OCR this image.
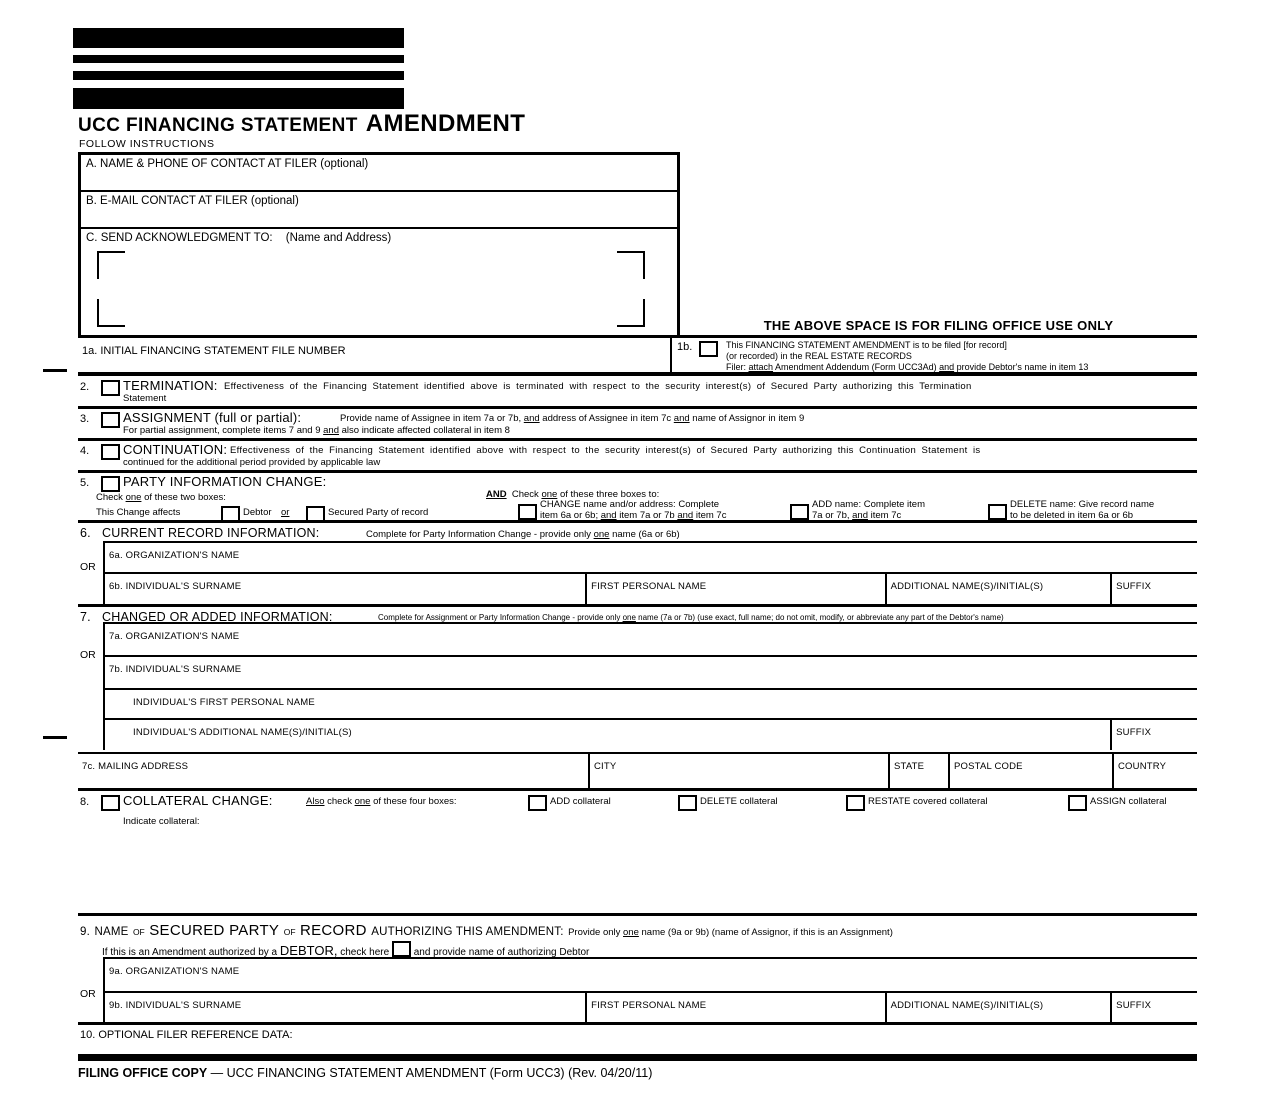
UCC FINANCING STATEMENT AMENDMENT
FOLLOW INSTRUCTIONS
A. NAME & PHONE OF CONTACT AT FILER (optional)
B. E-MAIL CONTACT AT FILER (optional)
C. SEND ACKNOWLEDGMENT TO: (Name and Address)
THE ABOVE SPACE IS FOR FILING OFFICE USE ONLY
1a. INITIAL FINANCING STATEMENT FILE NUMBER	1b.	This FINANCING STATEMENT AMENDMENT is to be filed [for record]
(or recorded) in the REAL ESTATE RECORDS
Filer: attach Amendment Addendum (Form UCC3Ad) and provide Debtor's name in item 13
2.	TERMINATION: Effectiveness of the Financing Statement identified above is terminated with respect to the security interest(s) of Secured Party authorizing this Termination
Statement
3.	ASSIGNMENT (full or partial):	Provide name of Assignee in item 7a or 7b, and address of Assignee in item 7c and name of Assignor in item 9
For partial assignment, complete items 7 and 9 and also indicate affected collateral in item 8
4.	CONTINUATION: Effectiveness of the Financing Statement identified above with respect to the security interest(s) of Secured Party authorizing this Continuation Statement is
continued for the additional period provided by applicable law
5.	PARTY INFORMATION CHANGE:
Check one of these two boxes:
This Change affects	Debtor or	Secured Party of record
AND Check one of these three boxes to:
CHANGE name and/or address: Complete
item 6a or 6b; and item 7a or 7b and item 7c
ADD name: Complete item
7a or 7b, and item 7c
DELETE name: Give record name
to be deleted in item 6a or 6b
6. CURRENT RECORD INFORMATION:	Complete for Party Information Change - provide only one name (6a or 6b)
OR
6a. ORGANIZATION'S NAME
6b. INDIVIDUAL'S SURNAME	FIRST PERSONAL NAME	ADDITIONAL NAME(S)/INITIAL(S)	SUFFIX
7. CHANGED OR ADDED INFORMATION:	Complete for Assignment or Party Information Change - provide only one name (7a or 7b) (use exact, full name; do not omit, modify, or abbreviate any part of the Debtor's name)
OR
7a. ORGANIZATION'S NAME
7b. INDIVIDUAL'S SURNAME
INDIVIDUAL'S FIRST PERSONAL NAME
INDIVIDUAL'S ADDITIONAL NAME(S)/INITIAL(S)	SUFFIX
7c. MAILING ADDRESS	CITY	STATE	POSTAL CODE	COUNTRY
8.	COLLATERAL CHANGE:	Also check one of these four boxes:	ADD collateral	DELETE collateral	RESTATE covered collateral	ASSIGN collateral
Indicate collateral:
9. NAME OF SECURED PARTY OF RECORD AUTHORIZING THIS AMENDMENT: Provide only one name (9a or 9b) (name of Assignor, if this is an Assignment)
If this is an Amendment authorized by a DEBTOR, check here and provide name of authorizing Debtor
OR
9a. ORGANIZATION'S NAME
9b. INDIVIDUAL'S SURNAME	FIRST PERSONAL NAME	ADDITIONAL NAME(S)/INITIAL(S)	SUFFIX
10. OPTIONAL FILER REFERENCE DATA:
FILING OFFICE COPY — UCC FINANCING STATEMENT AMENDMENT (Form UCC3) (Rev. 04/20/11)
